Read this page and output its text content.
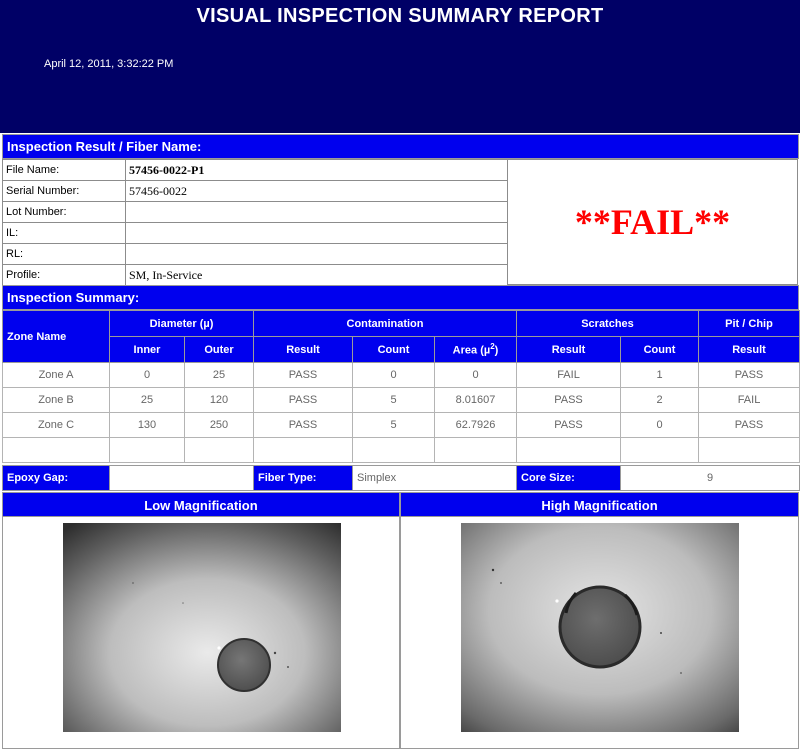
VISUAL INSPECTION SUMMARY REPORT
April 12, 2011, 3:32:22 PM
Inspection Result / Fiber Name:
File Name:	57456-0022-P1
Serial Number:	57456-0022
Lot Number:	
IL:	
RL:	
Profile:	SM, In-Service
**FAIL**
Inspection Summary:
Zone Name	Diameter (µ)		Contamination			Scratches		Pit / Chip
	Inner	Outer	Result	Count	Area (µ$^2$)	Result	Count	Result
Zone A	0	25	PASS	0	0	FAIL	1	PASS
Zone B	25	120	PASS	5	8.01607	PASS	2	FAIL
Zone C	130	250	PASS	5	62.7926	PASS	0	PASS

Epoxy Gap:		Fiber Type:	Simplex	Core Size:	9
Low Magnification	High Magnification
